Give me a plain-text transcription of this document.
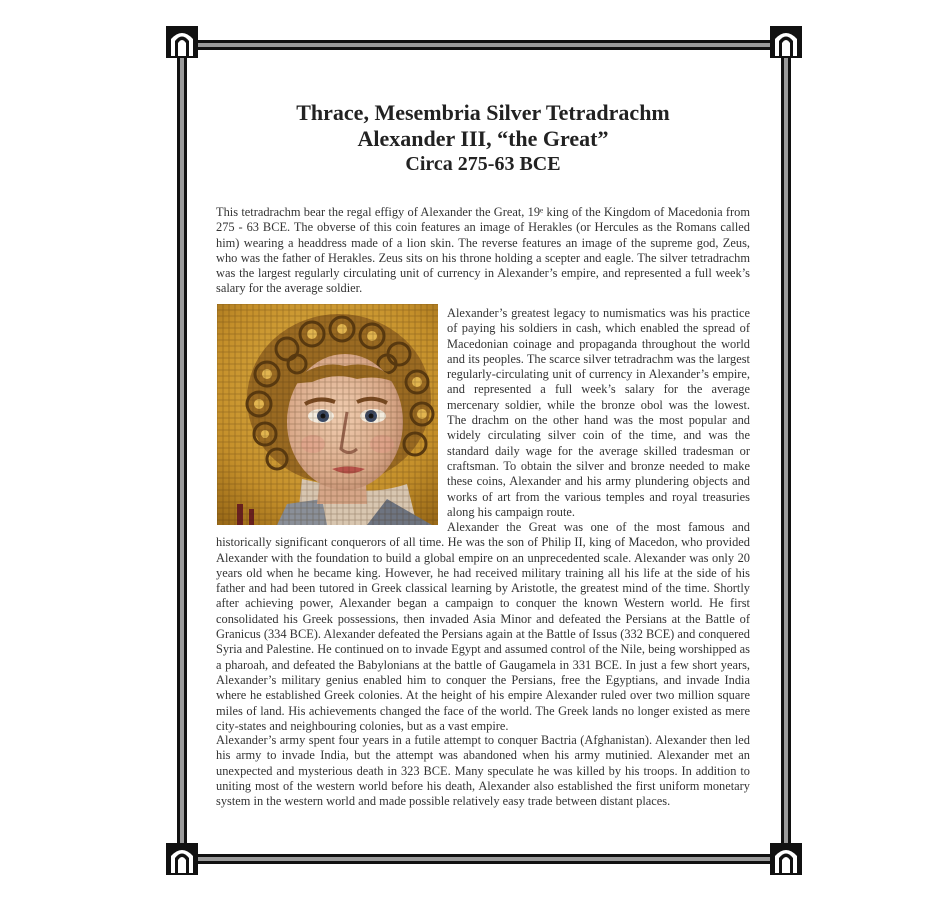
Thrace, Mesembria Silver Tetradrachm
Alexander III, “the Great”
Circa 275-63 BCE
This tetradrachm bear the regal effigy of Alexander the Great, 19ᵉ king of the Kingdom of Macedonia from 275 - 63 BCE. The obverse of this coin features an image of Herakles (or Hercules as the Romans called him) wearing a headdress made of a lion skin. The reverse features an image of the supreme god, Zeus, who was the father of Herakles. Zeus sits on his throne holding a scepter and eagle. The silver tetradrachm was the largest regularly circulating unit of currency in Alexander’s empire, and represented a full week’s salary for the average soldier.
Alexander’s greatest legacy to numismatics was his practice of paying his soldiers in cash, which enabled the spread of Macedonian coinage and propaganda throughout the world and its peoples. The scarce silver tetradrachm was the largest regularly-circulating unit of currency in Alexander’s empire, and represented a full week’s salary for the average mercenary soldier, while the bronze obol was the lowest. The drachm on the other hand was the most popular and widely circulating silver coin of the time, and was the standard daily wage for the average skilled tradesman or craftsman. To obtain the silver and bronze needed to make these coins, Alexander and his army plundering objects and works of art from the various temples and royal treasuries along his campaign route.
Alexander the Great was one of the most famous and historically significant conquerors of all time. He was the son of Philip II, king of Macedon, who provided Alexander with the foundation to build a global empire on an unprecedented scale. Alexander was only 20 years old when he became king. However, he had received military training all his life at the side of his father and had been tutored in Greek classical learning by Aristotle, the greatest mind of the time. Shortly after achieving power, Alexander began a campaign to conquer the known Western world. He first consolidated his Greek possessions, then invaded Asia Minor and defeated the Persians at the Battle of Granicus (334 BCE). Alexander defeated the Persians again at the Battle of Issus (332 BCE) and conquered Syria and Palestine. He continued on to invade Egypt and assumed control of the Nile, being worshipped as a pharoah, and defeated the Babylonians at the battle of Gaugamela in 331 BCE. In just a few short years, Alexander’s military genius enabled him to conquer the Persians, free the Egyptians, and invade India where he established Greek colonies. At the height of his empire Alexander ruled over two million square miles of land. His achievements changed the face of the world. The Greek lands no longer existed as mere city-states and neighbouring colonies, but as a vast empire.
Alexander’s army spent four years in a futile attempt to conquer Bactria (Afghanistan). Alexander then led his army to invade India, but the attempt was abandoned when his army mutinied. Alexander met an unexpected and mysterious death in 323 BCE. Many speculate he was killed by his troops. In addition to uniting most of the western world before his death, Alexander also established the first uniform monetary system in the western world and made possible relatively easy trade between distant places.
